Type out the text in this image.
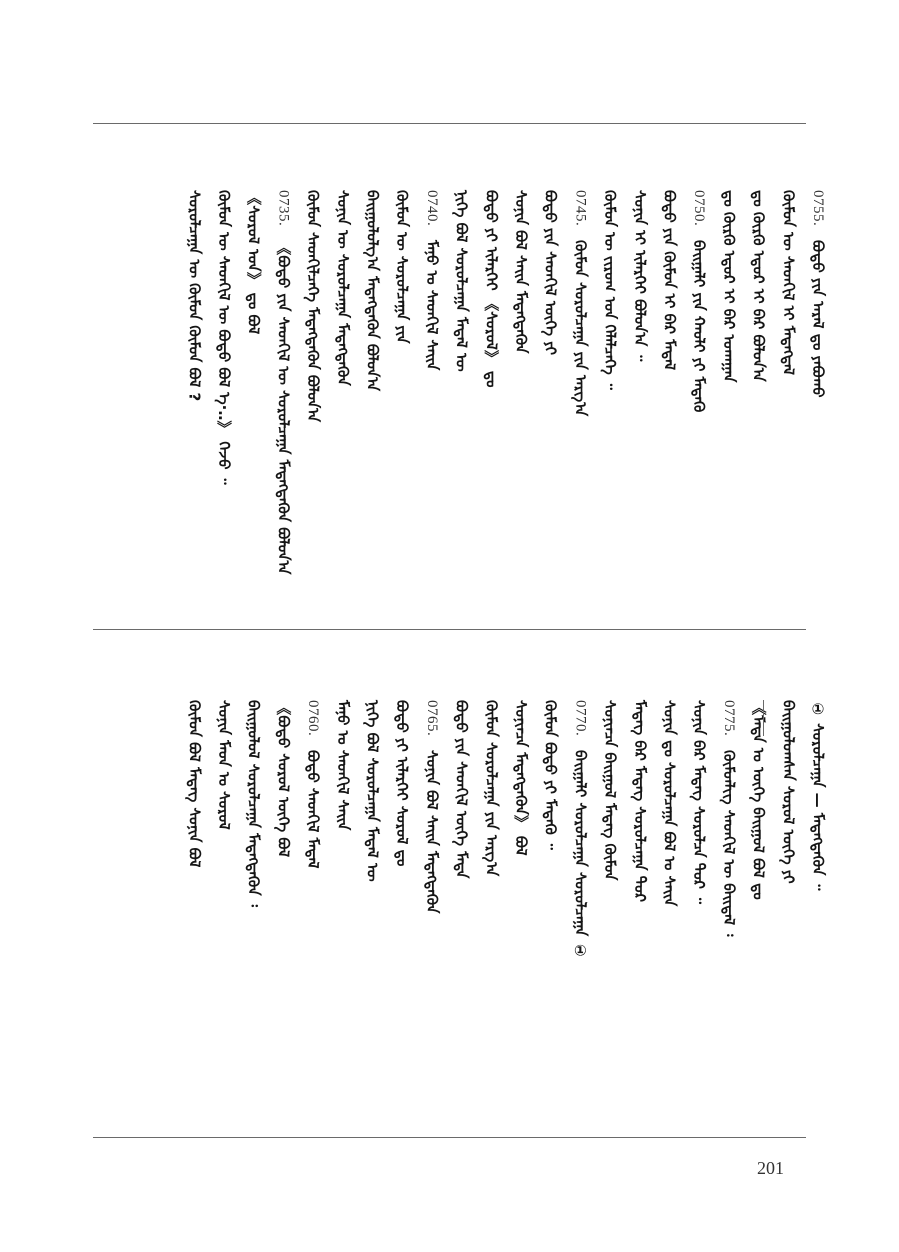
0755.
ᠪᠣᠳᠣ ᠶᠢᠨ ᠠᠷᠠᠯ ᠳᠤ ᠶᠠᠪᠤᠬᠤ
ᠬᠦᠮᠦᠨ ᠦ ᠰᠡᠳᠬᠢᠯ ᠢ ᠮᠡᠳᠡᠭᠳᠡᠯ
ᠳᠤ ᠬᠦᠷᠬᠦ ᠡᠳᠦᠷ ᠢ ᠪᠠᠷ ᠪᠣᠯᠤᠨ᠎ᠠ
ᠳᠤ ᠬᠦᠷᠬᠦ ᠡᠳᠦᠷ ᠢ ᠪᠠᠷ ᠤᠬᠠᠭᠠᠨ
0750.
ᠪᠠᠢᠭᠠᠯᠢ ᠶᠢᠨ ᠬᠠᠤᠯᠢ ᠶᠢ ᠮᠡᠳᠡᠬᠦ
ᠪᠣᠳᠣ ᠶᠢᠨ ᠬᠦᠮᠦᠨ ᠢ ᠪᠠᠷ ᠮᠡᠳᠡᠯ
ᠰᠣᠨᠢᠨ ᠢ ᠢᠯᠡᠷᠬᠡᠢ ᠪᠣᠯᠤᠨ᠎ᠠ ᠃
ᠬᠦᠮᠦᠨ ᠦ ᠵᠢᠷᠤᠭ ᠤᠨ ᠬᠡᠯᠡᠯᠴᠡᠭᠡ ᠃
0745.
ᠬᠦᠮᠦᠨ ᠰᠤᠷᠤᠯᠴᠠᠭᠠ ᠶᠢᠨ ᠠᠷᠭ᠎ᠠ
ᠪᠣᠳᠣ ᠶᠢᠨ ᠰᠡᠳᠬᠢᠯ ᠦᠭᠡ ᠶᠢ
ᠰᠣᠨᠢᠨ ᠪᠣᠯ ᠰᠠᠢᠨ ᠮᠡᠳᠡᠭᠳᠡᠬᠦᠨ
ᠪᠣᠳᠣ ᠶᠢ ᠢᠯᠡᠷᠬᠡᠢ 《ᠰᠤᠷᠤᠯ》 ᠳᠤ
ᠨᠢᠭᠡ ᠪᠣᠯ ᠰᠤᠷᠤᠯᠴᠠᠭᠠ ᠮᠡᠳᠡᠯ ᠦ
0740.
ᠮᠠᠨᠤ ᠤ ᠰᠡᠳᠬᠢᠯ ᠰᠠᠢᠨ
ᠬᠦᠮᠦᠨ ᠦ ᠰᠤᠷᠤᠯᠴᠠᠭᠠ ᠶᠢᠨ
ᠪᠠᠢᠭᠤᠯᠤᠯᠭ᠎ᠠ ᠮᠡᠳᠡᠭᠳᠡᠬᠦᠨ ᠪᠣᠯᠤᠨ᠎ᠠ
ᠰᠣᠨᠢᠨ ᠦ ᠰᠤᠷᠤᠯᠴᠠᠭᠠ ᠮᠡᠳᠡᠭᠳᠡᠬᠦᠨ
ᠬᠦᠮᠦᠨ ᠰᠡᠳᠬᠢᠯᠴᠡᠭᠡ ᠮᠡᠳᠡᠭᠳᠡᠬᠦᠨ ᠪᠣᠯᠤᠨ᠎ᠠ
0735.
《ᠪᠣᠳᠣ ᠶᠢᠨ ᠰᠡᠳᠬᠢᠯ ᠦ ᠰᠤᠷᠤᠯᠴᠠᠭᠠ ᠮᠡᠳᠡᠭᠳᠡᠬᠦᠨ ᠪᠣᠯᠤᠨ᠎ᠠ
《ᠰᠤᠷᠤᠯ ᠤᠨ》 ᠳᠤ ᠪᠣᠯ
ᠬᠦᠮᠦᠨ ᠦ ᠰᠡᠳᠬᠢᠯ ᠦ ᠪᠣᠳᠣ ᠪᠣᠯ ᠡ·‥》 ᠭᠡᠵᠦ ᠃
ᠰᠤᠷᠤᠯᠴᠠᠭᠠ ᠦ ᠬᠦᠮᠦᠨ ᠬᠦᠮᠦᠨ ᠪᠣᠯ ?
① ᠰᠤᠷᠤᠯᠴᠠᠭᠠ — ᠮᠡᠳᠡᠭᠳᠡᠬᠦᠨ ᠃
ᠪᠠᠢᠭᠤᠯᠤᠭᠰᠠᠨ ᠰᠤᠷᠤᠯ ᠦᠭᠡ ᠶᠢ
《ᠮᠡᠳᠡ ᠤ ᠦᠭᠡ ᠪᠠᠢᠭᠤᠯ ᠪᠣᠯ ᠳᠤ
0775.
ᠬᠦᠮᠦᠨᠯᠢᠭ ᠰᠡᠳᠬᠢᠯ ᠦ ᠪᠠᠢᠳᠠᠯ ᠄
ᠰᠣᠨᠢᠨ ᠪᠠᠷ ᠮᠡᠳᠡᠭ ᠰᠤᠷᠤᠯᠴᠠ ᠳᠤᠷ ᠃
ᠰᠣᠨᠢᠨ ᠳᠤ ᠰᠤᠷᠤᠯᠴᠠᠭᠠ ᠪᠣᠯ ᠤ ᠰᠠᠢᠨ
ᠮᠡᠳᠡᠭ ᠪᠠᠷ ᠮᠡᠳᠡᠭ ᠰᠤᠷᠤᠯᠴᠠᠭᠠ ᠳᠤᠷ
ᠰᠣᠨᠢᠨᠴᠠ ᠪᠠᠢᠭᠤᠯ ᠮᠡᠳᠡᠭ ᠬᠦᠮᠦᠨ
0770.
ᠪᠠᠢᠭᠠᠯᠢ ᠰᠤᠷᠤᠯᠴᠠᠭᠠ ᠰᠤᠷᠤᠯᠴᠠᠭᠠ ①
ᠬᠦᠮᠦᠨ ᠪᠣᠳᠣ ᠶᠢ ᠮᠡᠳᠡᠬᠦ ᠃
ᠰᠣᠨᠢᠨᠴᠠ ᠮᠡᠳᠡᠭᠳᠡᠬᠦᠨ》 ᠪᠣᠯ
ᠬᠦᠮᠦᠨ ᠰᠤᠷᠤᠯᠴᠠᠭᠠ ᠶᠢᠨ ᠠᠷᠭ᠎ᠠ
ᠪᠣᠳᠣ ᠶᠢᠨ ᠰᠡᠳᠬᠢᠯ ᠦᠭᠡ ᠮᠡᠳᠡ
0765.
ᠰᠣᠨᠢᠨ ᠪᠣᠯ ᠰᠠᠢᠨ ᠮᠡᠳᠡᠭᠳᠡᠬᠦᠨ
ᠪᠣᠳᠣ ᠶᠢ ᠢᠯᠡᠷᠬᠡᠢ ᠰᠤᠷᠤᠯ ᠳᠤ
ᠨᠢᠭᠡ ᠪᠣᠯ ᠰᠤᠷᠤᠯᠴᠠᠭᠠ ᠮᠡᠳᠡᠯ ᠦ
ᠮᠠᠨᠤ ᠤ ᠰᠡᠳᠬᠢᠯ ᠰᠠᠢᠨ
0760.
ᠪᠣᠳᠣ ᠰᠡᠳᠬᠢᠯ ᠮᠡᠳᠡᠯ
《ᠪᠣᠳᠣ ᠰᠤᠷᠤᠯ ᠦᠭᠡ ᠪᠣᠯ
ᠪᠠᠢᠭᠤᠯᠤᠯ ᠰᠤᠷᠤᠯᠴᠠᠭᠠ ᠮᠡᠳᠡᠭᠳᠡᠬᠦᠨ ᠄
ᠰᠣᠨᠢᠨ ᠮᠡᠳ ᠤ ᠰᠤᠷᠤᠯ
ᠬᠦᠮᠦᠨ ᠪᠣᠯ ᠮᠡᠳᠡᠭ ᠰᠣᠨᠢᠨ ᠪᠣᠯ
201
